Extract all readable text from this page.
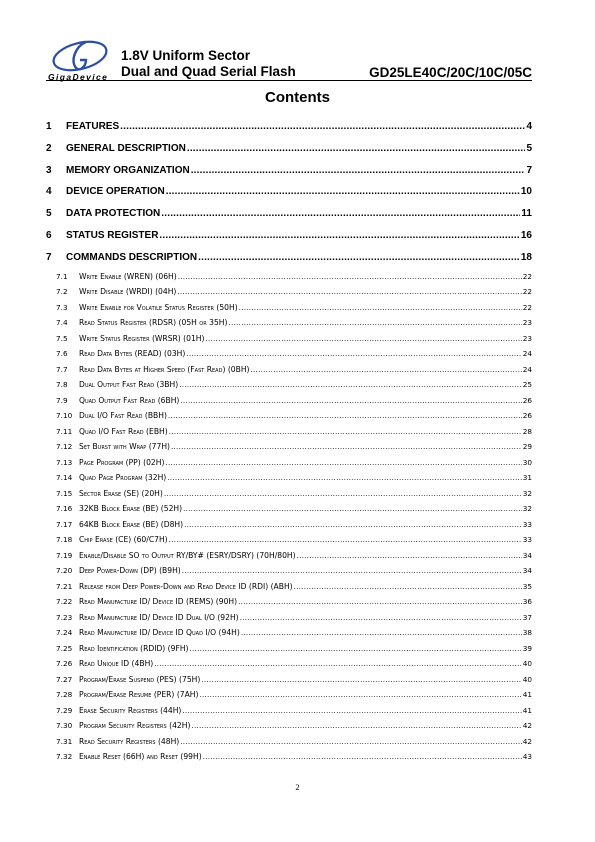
GigaDevice
1.8V Uniform Sector
Dual and Quad Serial Flash	GD25LE40C/20C/10C/05C
Contents
1	FEATURES .....	4
2	GENERAL DESCRIPTION .....	5
3	MEMORY ORGANIZATION .....	7
4	DEVICE OPERATION .....	10
5	DATA PROTECTION .....	11
6	STATUS REGISTER .....	16
7	COMMANDS DESCRIPTION .....	18
7.1	Write Enable (WREN) (06H) .....	22
7.2	Write Disable (WRDI) (04H) .....	22
7.3	Write Enable for Volatile Status Register (50H) .....	22
7.4	Read Status Register (RDSR) (05H or 35H) .....	23
7.5	Write Status Register (WRSR) (01H) .....	23
7.6	Read Data Bytes (READ) (03H) .....	24
7.7	Read Data Bytes at Higher Speed (Fast Read) (0BH) .....	24
7.8	Dual Output Fast Read (3BH) .....	25
7.9	Quad Output Fast Read (6BH) .....	26
7.10 Dual I/O Fast Read (BBH) .....	26
7.11 Quad I/O Fast Read (EBH) .....	28
7.12 Set Burst with Wrap (77H) .....	29
7.13 Page Program (PP) (02H) .....	30
7.14 Quad Page Program (32H) .....	31
7.15 Sector Erase (SE) (20H) .....	32
7.16 32KB Block Erase (BE) (52H) .....	32
7.17 64KB Block Erase (BE) (D8H) .....	33
7.18 Chip Erase (CE) (60/C7H) .....	33
7.19 Enable/Disable SO to Output RY/BY# (ESRY/DSRY) (70H/80H) .....	34
7.20 Deep Power-Down (DP) (B9H) .....	34
7.21 Release from Deep Power-Down and Read Device ID (RDI) (ABH) .....	35
7.22 Read Manufacture ID/ Device ID (REMS) (90H) .....	36
7.23 Read Manufacture ID/ Device ID Dual I/O (92H) .....	37
7.24 Read Manufacture ID/ Device ID Quad I/O (94H) .....	38
7.25 Read Identification (RDID) (9FH) .....	39
7.26 Read Unique ID (4BH) .....	40
7.27 Program/Erase Suspend (PES) (75H) .....	40
7.28 Program/Erase Resume (PER) (7AH) .....	41
7.29 Erase Security Registers (44H) .....	41
7.30 Program Security Registers (42H) .....	42
7.31 Read Security Registers (48H) .....	42
7.32 Enable Reset (66H) and Reset (99H) .....	43
2
